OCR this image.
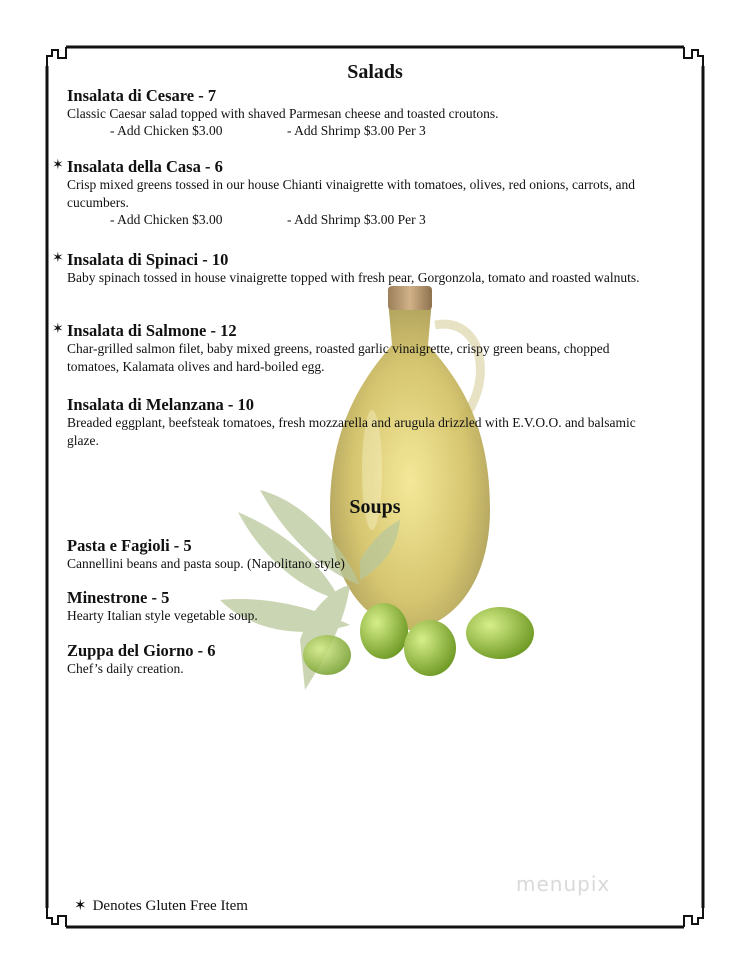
Salads

Insalata di Cesare - 7

Classic Caesar salad topped with shaved Parmesan cheese and toasted croutons.

- Add Chicken $3.00	- Add Shrimp $3.00 Per 3
✶ Insalata della Casa - 6

Crisp mixed greens tossed in our house Chianti vinaigrette with tomatoes, olives, red onions, carrots, and cucumbers.

- Add Chicken $3.00	- Add Shrimp $3.00 Per 3
✶ Insalata di Spinaci - 10

Baby spinach tossed in house vinaigrette topped with fresh pear, Gorgonzola, tomato and roasted walnuts.

✶ Insalata di Salmone - 12

Char-grilled salmon filet, baby mixed greens, roasted garlic vinaigrette, crispy green beans, chopped tomatoes, Kalamata olives and hard-boiled egg.

Insalata di Melanzana - 10

Breaded eggplant, beefsteak tomatoes, fresh mozzarella and arugula drizzled with E.V.O.O. and balsamic glaze.

Soups

Pasta e Fagioli - 5

Cannellini beans and pasta soup. (Napolitano style)

Minestrone - 5

Hearty Italian style vegetable soup.

Zuppa del Giorno - 6

Chef’s daily creation.

✶ Denotes Gluten Free Item
menupix
